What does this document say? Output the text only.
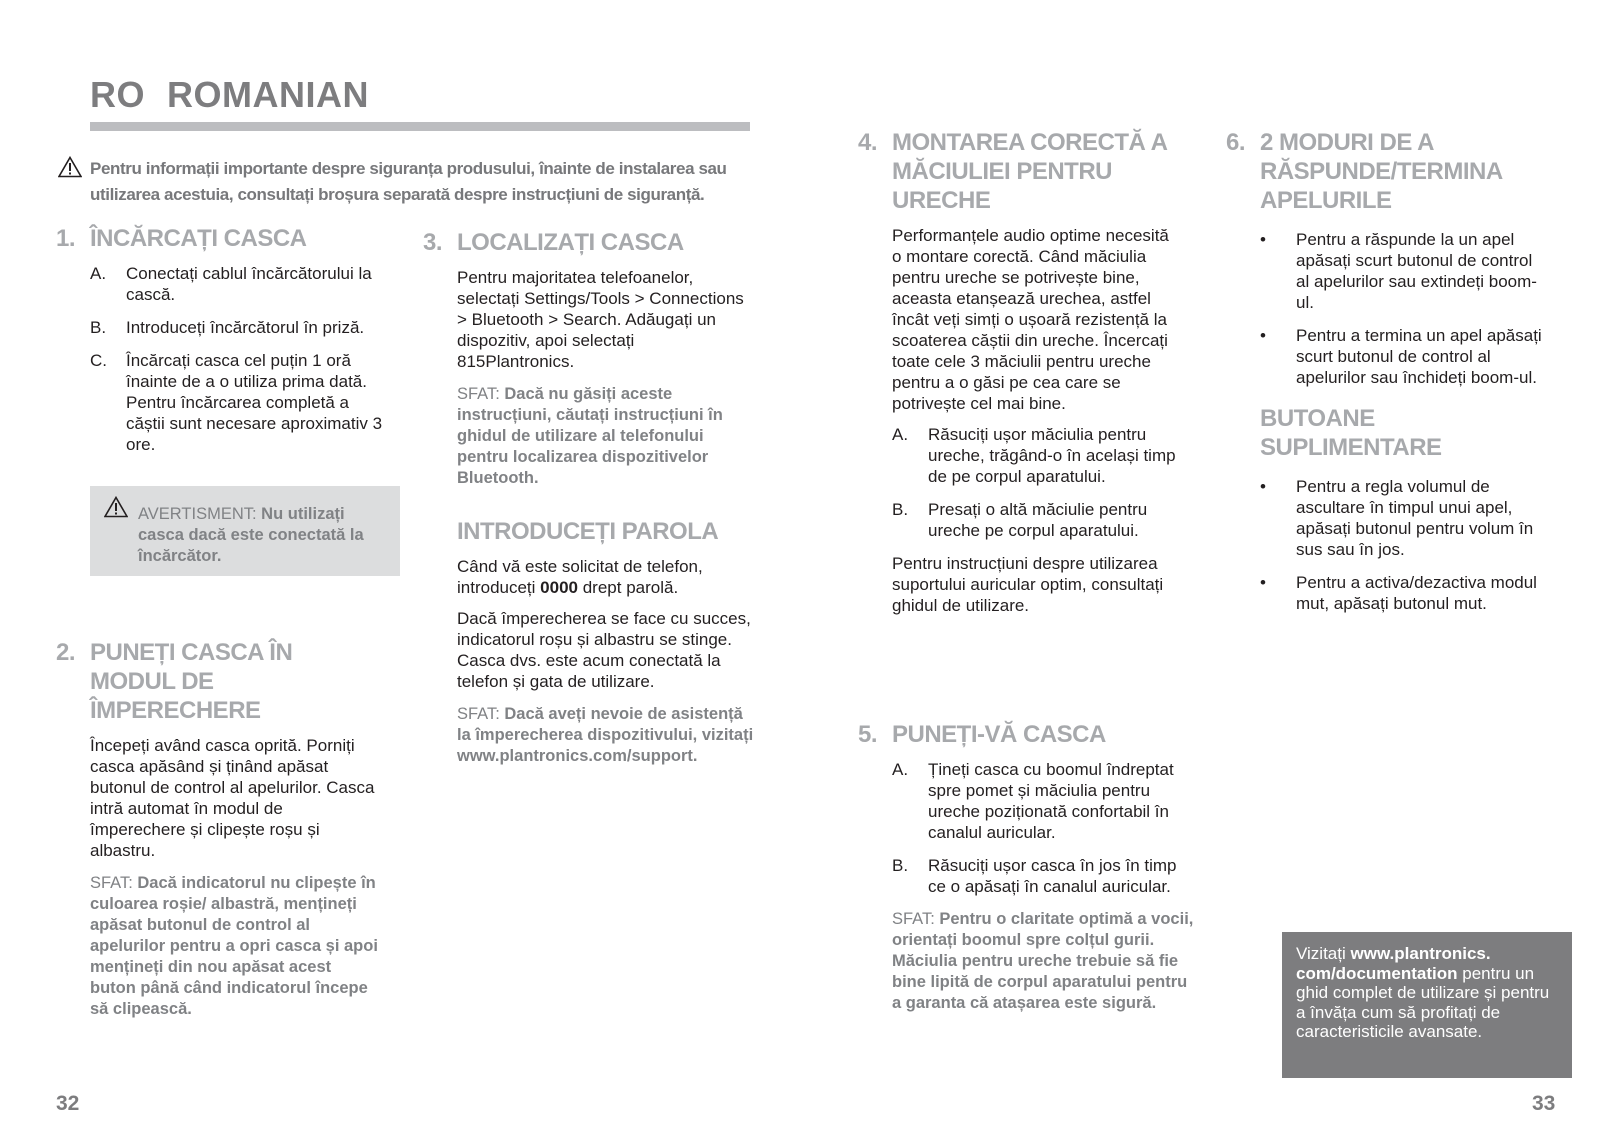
RO ROMANIAN
Pentru informații importante despre siguranța produsului, înainte de instalarea sau utilizarea acestuia, consultați broșura separată despre instrucțiuni de siguranță.
1. ÎNCĂRCAȚI CASCA
A. Conectați cablul încărcătorului la cască.
B. Introduceți încărcătorul în priză.
C. Încărcați casca cel puțin 1 oră înainte de a o utiliza prima dată. Pentru încărcarea completă a căștii sunt necesare aproximativ 3 ore.
AVERTISMENT: Nu utilizați casca dacă este conectată la încărcător.
2. PUNEȚI CASCA ÎN MODUL DE ÎMPERECHERE

Începeți având casca oprită. Porniți casca apăsând și ținând apăsat butonul de control al apelurilor. Casca intră automat în modul de împerechere și clipește roșu și albastru.

SFAT: Dacă indicatorul nu clipește în culoarea roșie/ albastră, mențineți apăsat butonul de control al apelurilor pentru a opri casca și apoi mențineți din nou apăsat acest buton până când indicatorul începe să clipească.

3. LOCALIZAȚI CASCA

Pentru majoritatea telefoanelor, selectați Settings/Tools > Connections > Bluetooth > Search. Adăugați un dispozitiv, apoi selectați 815Plantronics.

SFAT: Dacă nu găsiți aceste instrucțiuni, căutați instrucțiuni în ghidul de utilizare al telefonului pentru localizarea dispozitivelor Bluetooth.

INTRODUCEȚI PAROLA

Când vă este solicitat de telefon, introduceți 0000 drept parolă.

Dacă împerecherea se face cu succes, indicatorul roșu și albastru se stinge. Casca dvs. este acum conectată la telefon și gata de utilizare.

SFAT: Dacă aveți nevoie de asistență la împerecherea dispozitivului, vizitați www.plantronics.com/support.

4. MONTAREA CORECTĂ A MĂCIULIEI PENTRU URECHE

Performanțele audio optime necesită o montare corectă. Când măciulia pentru ureche se potrivește bine, aceasta etanșează urechea, astfel încât veți simți o ușoară rezistență la scoaterea căștii din ureche. Încercați toate cele 3 măciulii pentru ureche pentru a o găsi pe cea care se potrivește cel mai bine.

A. Răsuciți ușor măciulia pentru ureche, trăgând-o în același timp de pe corpul aparatului.
B. Presați o altă măciulie pentru ureche pe corpul aparatului.

Pentru instrucțiuni despre utilizarea suportului auricular optim, consultați ghidul de utilizare.

5. PUNEȚI-VĂ CASCA
A. Țineți casca cu boomul îndreptat spre pomet și măciulia pentru ureche poziționată confortabil în canalul auricular.
B. Răsuciți ușor casca în jos în timp ce o apăsați în canalul auricular.

SFAT: Pentru o claritate optimă a vocii, orientați boomul spre colțul gurii. Măciulia pentru ureche trebuie să fie bine lipită de corpul aparatului pentru a garanta că atașarea este sigură.

6. 2 MODURI DE A RĂSPUNDE/TERMINA APELURILE
• Pentru a răspunde la un apel apăsați scurt butonul de control al apelurilor sau extindeți boom-ul.
• Pentru a termina un apel apăsați scurt butonul de control al apelurilor sau închideți boom-ul.
BUTOANE SUPLIMENTARE
• Pentru a regla volumul de ascultare în timpul unui apel, apăsați butonul pentru volum în sus sau în jos.
• Pentru a activa/dezactiva modul mut, apăsați butonul mut.
Vizitați www.plantronics. com/documentation pentru un ghid complet de utilizare și pentru a învăța cum să profitați de caracteristicile avansate.
32	33
